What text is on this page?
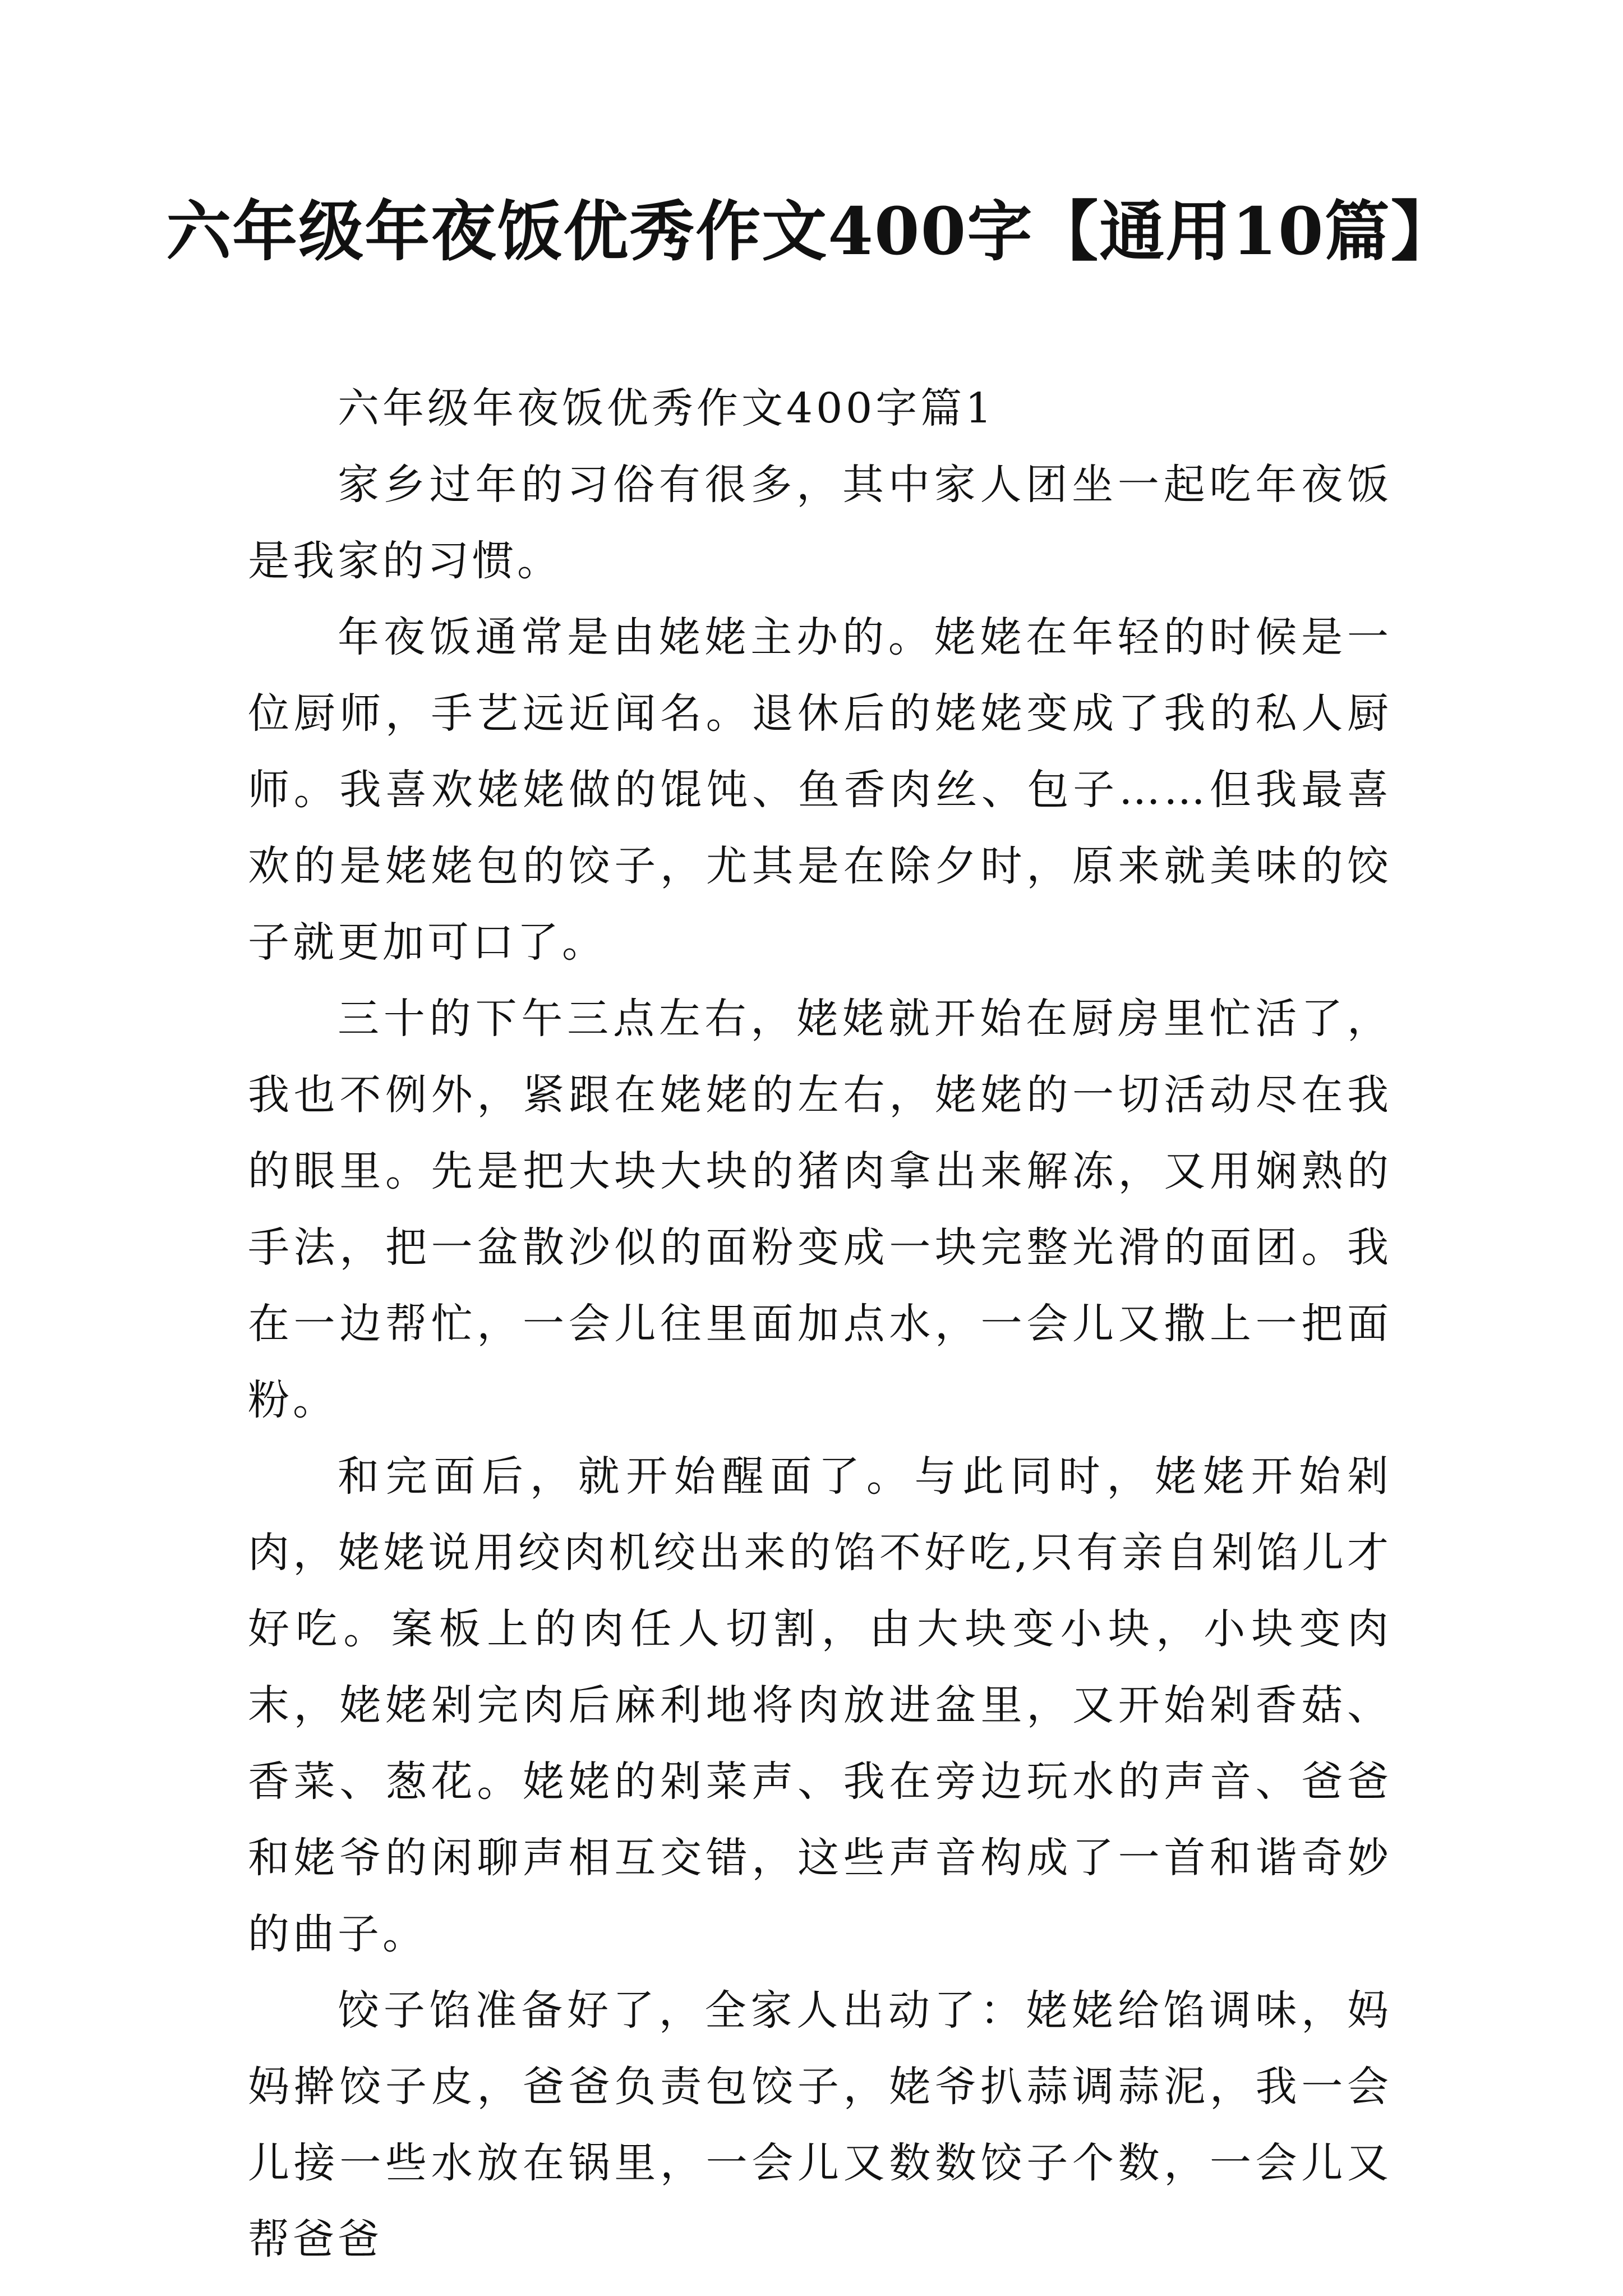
六年级年夜饭优秀作文400字【通用10篇】

六年级年夜饭优秀作文400字篇1

家乡过年的习俗有很多，其中家人团坐一起吃年夜饭是我家的习惯。

年夜饭通常是由姥姥主办的。姥姥在年轻的时候是一位厨师，手艺远近闻名。退休后的姥姥变成了我的私人厨师。我喜欢姥姥做的馄饨、鱼香肉丝、包子……但我最喜欢的是姥姥包的饺子，尤其是在除夕时，原来就美味的饺子就更加可口了。

三十的下午三点左右，姥姥就开始在厨房里忙活了，我也不例外，紧跟在姥姥的左右，姥姥的一切活动尽在我的眼里。先是把大块大块的猪肉拿出来解冻，又用娴熟的手法，把一盆散沙似的面粉变成一块完整光滑的面团。我在一边帮忙，一会儿往里面加点水，一会儿又撒上一把面粉。

和完面后，就开始醒面了。与此同时，姥姥开始剁肉，姥姥说用绞肉机绞出来的馅不好吃,只有亲自剁馅儿才好吃。案板上的肉任人切割，由大块变小块，小块变肉末，姥姥剁完肉后麻利地将肉放进盆里，又开始剁香菇、香菜、葱花。姥姥的剁菜声、我在旁边玩水的声音、爸爸和姥爷的闲聊声相互交错，这些声音构成了一首和谐奇妙的曲子。

饺子馅准备好了，全家人出动了：姥姥给馅调味，妈妈擀饺子皮，爸爸负责包饺子，姥爷扒蒜调蒜泥，我一会儿接一些水放在锅里，一会儿又数数饺子个数，一会儿又帮爸爸
